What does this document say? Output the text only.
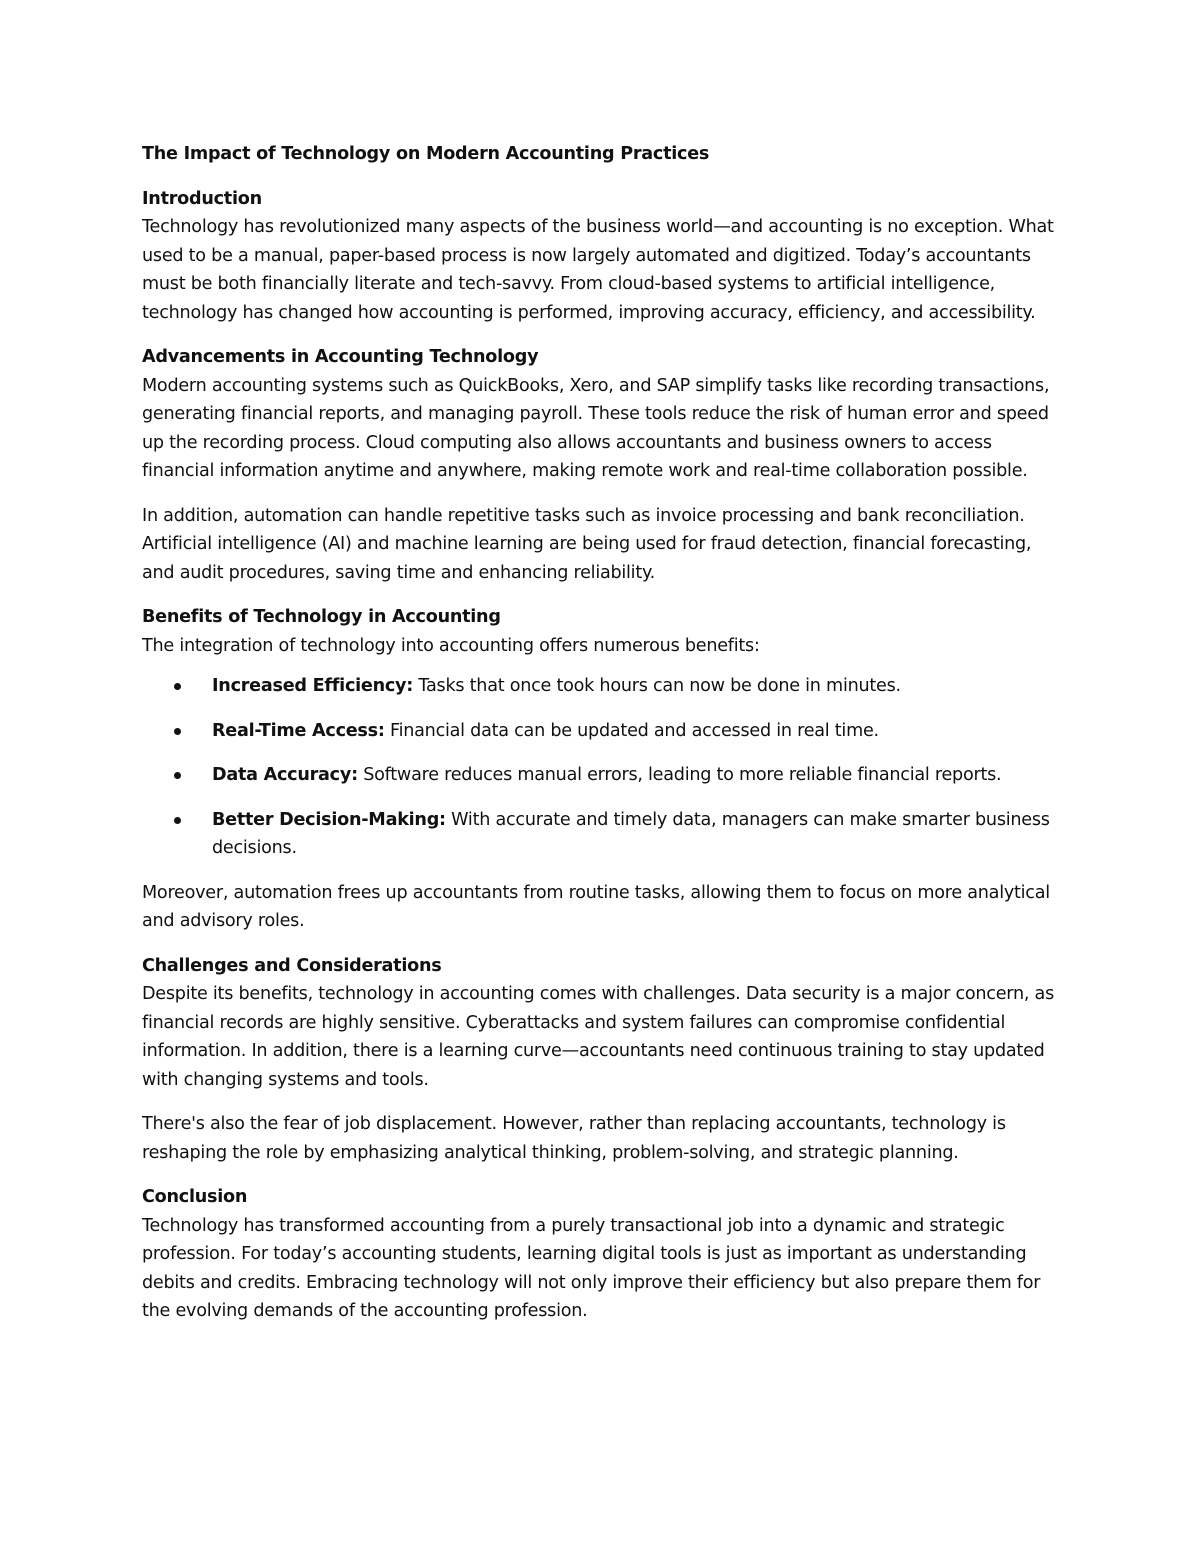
The Impact of Technology on Modern Accounting Practices

Introduction

Technology has revolutionized many aspects of the business world—and accounting is no exception. What used to be a manual, paper-based process is now largely automated and digitized. Today’s accountants must be both financially literate and tech-savvy. From cloud-based systems to artificial intelligence, technology has changed how accounting is performed, improving accuracy, efficiency, and accessibility.

Advancements in Accounting Technology

Modern accounting systems such as QuickBooks, Xero, and SAP simplify tasks like recording transactions, generating financial reports, and managing payroll. These tools reduce the risk of human error and speed up the recording process. Cloud computing also allows accountants and business owners to access financial information anytime and anywhere, making remote work and real-time collaboration possible.

In addition, automation can handle repetitive tasks such as invoice processing and bank reconciliation. Artificial intelligence (AI) and machine learning are being used for fraud detection, financial forecasting, and audit procedures, saving time and enhancing reliability.

Benefits of Technology in Accounting

The integration of technology into accounting offers numerous benefits:

Increased Efficiency: Tasks that once took hours can now be done in minutes.
Real-Time Access: Financial data can be updated and accessed in real time.
Data Accuracy: Software reduces manual errors, leading to more reliable financial reports.
Better Decision-Making: With accurate and timely data, managers can make smarter business decisions.

Moreover, automation frees up accountants from routine tasks, allowing them to focus on more analytical and advisory roles.

Challenges and Considerations

Despite its benefits, technology in accounting comes with challenges. Data security is a major concern, as financial records are highly sensitive. Cyberattacks and system failures can compromise confidential information. In addition, there is a learning curve—accountants need continuous training to stay updated with changing systems and tools.

There's also the fear of job displacement. However, rather than replacing accountants, technology is reshaping the role by emphasizing analytical thinking, problem-solving, and strategic planning.

Conclusion

Technology has transformed accounting from a purely transactional job into a dynamic and strategic profession. For today’s accounting students, learning digital tools is just as important as understanding debits and credits. Embracing technology will not only improve their efficiency but also prepare them for the evolving demands of the accounting profession.
